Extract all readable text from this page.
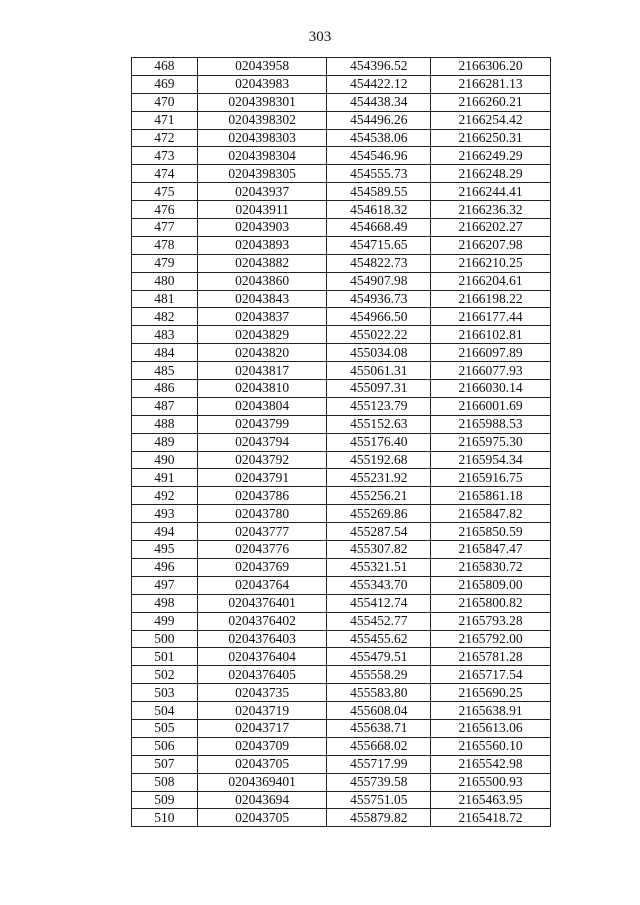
303
468	02043958	454396.52	2166306.20
469	02043983	454422.12	2166281.13
470	0204398301	454438.34	2166260.21
471	0204398302	454496.26	2166254.42
472	0204398303	454538.06	2166250.31
473	0204398304	454546.96	2166249.29
474	0204398305	454555.73	2166248.29
475	02043937	454589.55	2166244.41
476	02043911	454618.32	2166236.32
477	02043903	454668.49	2166202.27
478	02043893	454715.65	2166207.98
479	02043882	454822.73	2166210.25
480	02043860	454907.98	2166204.61
481	02043843	454936.73	2166198.22
482	02043837	454966.50	2166177.44
483	02043829	455022.22	2166102.81
484	02043820	455034.08	2166097.89
485	02043817	455061.31	2166077.93
486	02043810	455097.31	2166030.14
487	02043804	455123.79	2166001.69
488	02043799	455152.63	2165988.53
489	02043794	455176.40	2165975.30
490	02043792	455192.68	2165954.34
491	02043791	455231.92	2165916.75
492	02043786	455256.21	2165861.18
493	02043780	455269.86	2165847.82
494	02043777	455287.54	2165850.59
495	02043776	455307.82	2165847.47
496	02043769	455321.51	2165830.72
497	02043764	455343.70	2165809.00
498	0204376401	455412.74	2165800.82
499	0204376402	455452.77	2165793.28
500	0204376403	455455.62	2165792.00
501	0204376404	455479.51	2165781.28
502	0204376405	455558.29	2165717.54
503	02043735	455583.80	2165690.25
504	02043719	455608.04	2165638.91
505	02043717	455638.71	2165613.06
506	02043709	455668.02	2165560.10
507	02043705	455717.99	2165542.98
508	0204369401	455739.58	2165500.93
509	02043694	455751.05	2165463.95
510	02043705	455879.82	2165418.72
